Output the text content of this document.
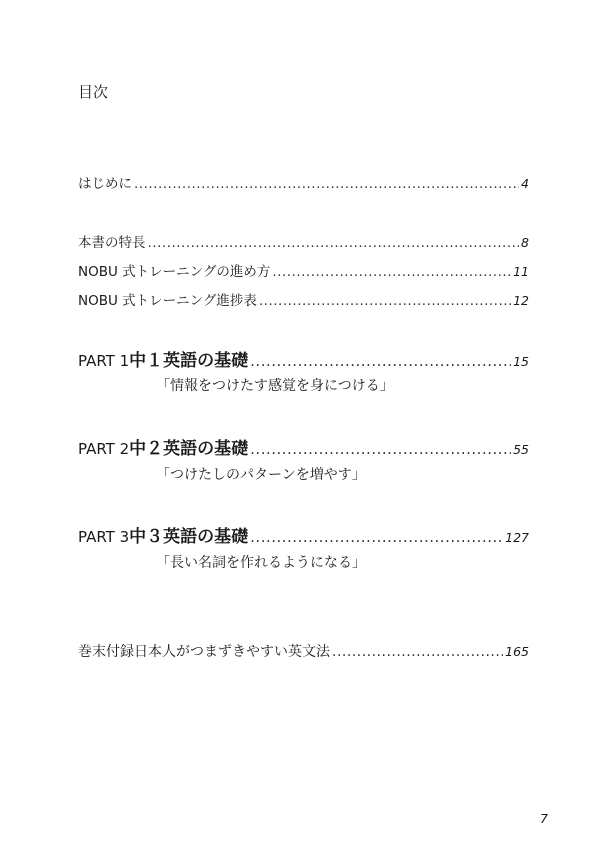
目次
はじめに .....	4
本書の特長 .....	8
NOBU 式トレーニングの進め方 .....	11
NOBU 式トレーニング進捗表 .....	12
PART 1 中１英語の基礎 .....	15
「情報をつけたす感覚を身につける」
PART 2 中２英語の基礎 .....	55
「つけたしのパターンを増やす」
PART 3 中３英語の基礎 .....	127
「長い名詞を作れるようになる」
巻末付録 日本人がつまずきやすい英文法 .....	165
7
